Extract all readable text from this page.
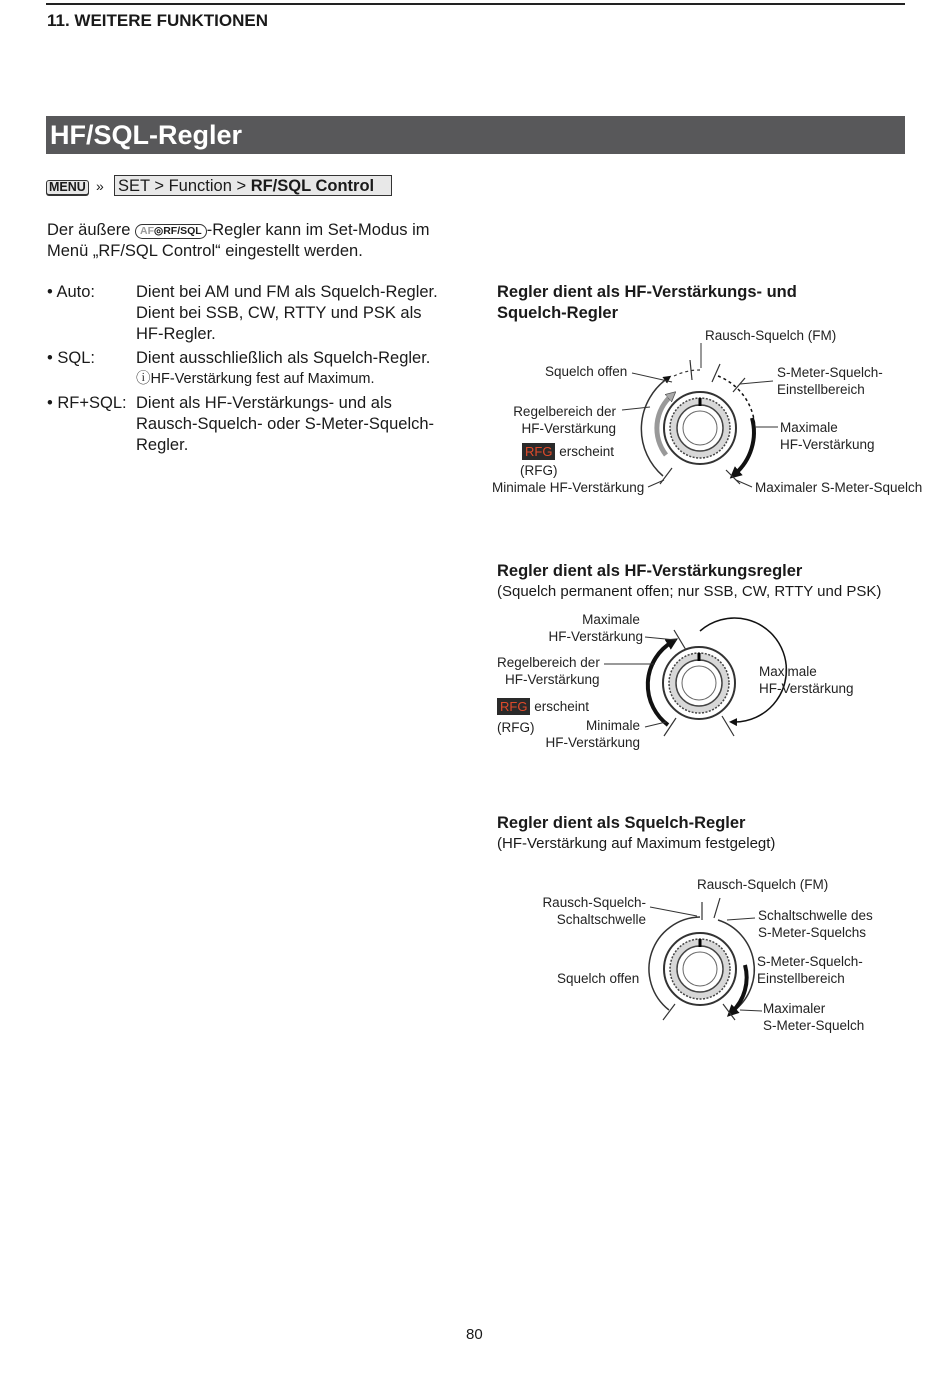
11. WEITERE FUNKTIONEN
HF/SQL-Regler
MENU » SET > Function > RF/SQL Control
Der äußere AF◎RF/SQL -Regler kann im Set-Modus im
Menü „RF/SQL Control“ eingestellt werden.
• Auto: Dient bei AM und FM als Squelch-Regler.
Dient bei SSB, CW, RTTY und PSK als
HF-Regler.
• SQL: Dient ausschließlich als Squelch-Regler.
ⓘHF-Verstärkung fest auf Maximum.
• RF+SQL: Dient als HF-Verstärkungs- und als
Rausch-Squelch- oder S-Meter-Squelch-
Regler.
Regler dient als HF-Verstärkungs- und
Squelch-Regler
Rausch-Squelch (FM)
Squelch offen	S-Meter-Squelch-
Einstellbereich
Regelbereich der
HF-Verstärkung	Maximale
HF-Verstärkung
RFG erscheint
(RFG)
Minimale HF-Verstärkung	Maximaler S-Meter-Squelch
Regler dient als HF-Verstärkungsregler
(Squelch permanent offen; nur SSB, CW, RTTY und PSK)
Maximale
HF-Verstärkung
Regelbereich der
HF-Verstärkung
Maximale
HF-Verstärkung
RFG erscheint
(RFG)	Minimale
HF-Verstärkung
Regler dient als Squelch-Regler
(HF-Verstärkung auf Maximum festgelegt)
Rausch-Squelch (FM)
Rausch-Squelch-
Schaltschwelle	Schaltschwelle des
S-Meter-Squelchs
S-Meter-Squelch-
Einstellbereich
Squelch offen
Maximaler
S-Meter-Squelch
80
